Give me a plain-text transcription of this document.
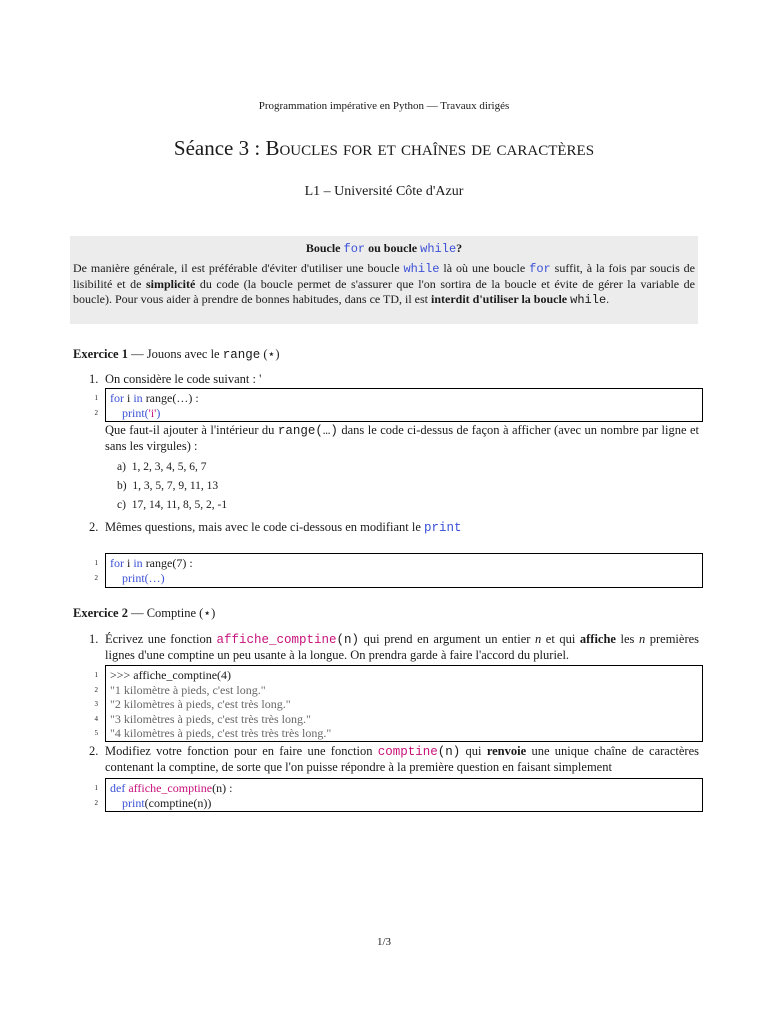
Programmation impérative en Python — Travaux dirigés
Séance 3 : Boucles for et chaînes de caractères
L1 – Université Côte d'Azur
Boucle for ou boucle while?

De manière générale, il est préférable d'éviter d'utiliser une boucle while là où une boucle for suffit, à la fois par soucis de lisibilité et de simplicité du code (la boucle permet de s'assurer que l'on sortira de la boucle et évite de gérer la variable de boucle). Pour vous aider à prendre de bonnes habitudes, dans ce TD, il est interdit d'utiliser la boucle while.

Exercice 1 — Jouons avec le range (⋆)
1. On considère le code suivant : '
1
2
for i in range(…) :
print('i')
Que faut-il ajouter à l'intérieur du range(…) dans le code ci-dessus de façon à afficher (avec un nombre par ligne et sans les virgules) :
a) 1, 2, 3, 4, 5, 6, 7
b) 1, 3, 5, 7, 9, 11, 13
c) 17, 14, 11, 8, 5, 2, -1
2. Mêmes questions, mais avec le code ci-dessous en modifiant le print
1
2
for i in range(7) :
print(…)
Exercice 2 — Comptine (⋆)
1. Écrivez une fonction affiche_comptine(n) qui prend en argument un entier n et qui affiche les n premières lignes d'une comptine un peu usante à la longue. On prendra garde à faire l'accord du pluriel.
1
2
3
4
5
>>> affiche_comptine(4)
"1 kilomètre à pieds, c'est long."
"2 kilomètres à pieds, c'est très long."
"3 kilomètres à pieds, c'est très très long."
"4 kilomètres à pieds, c'est très très très long."
2. Modifiez votre fonction pour en faire une fonction comptine(n) qui renvoie une unique chaîne de caractères contenant la comptine, de sorte que l'on puisse répondre à la première question en faisant simplement
1
2
def affiche_comptine(n) :
print(comptine(n))
1/3
